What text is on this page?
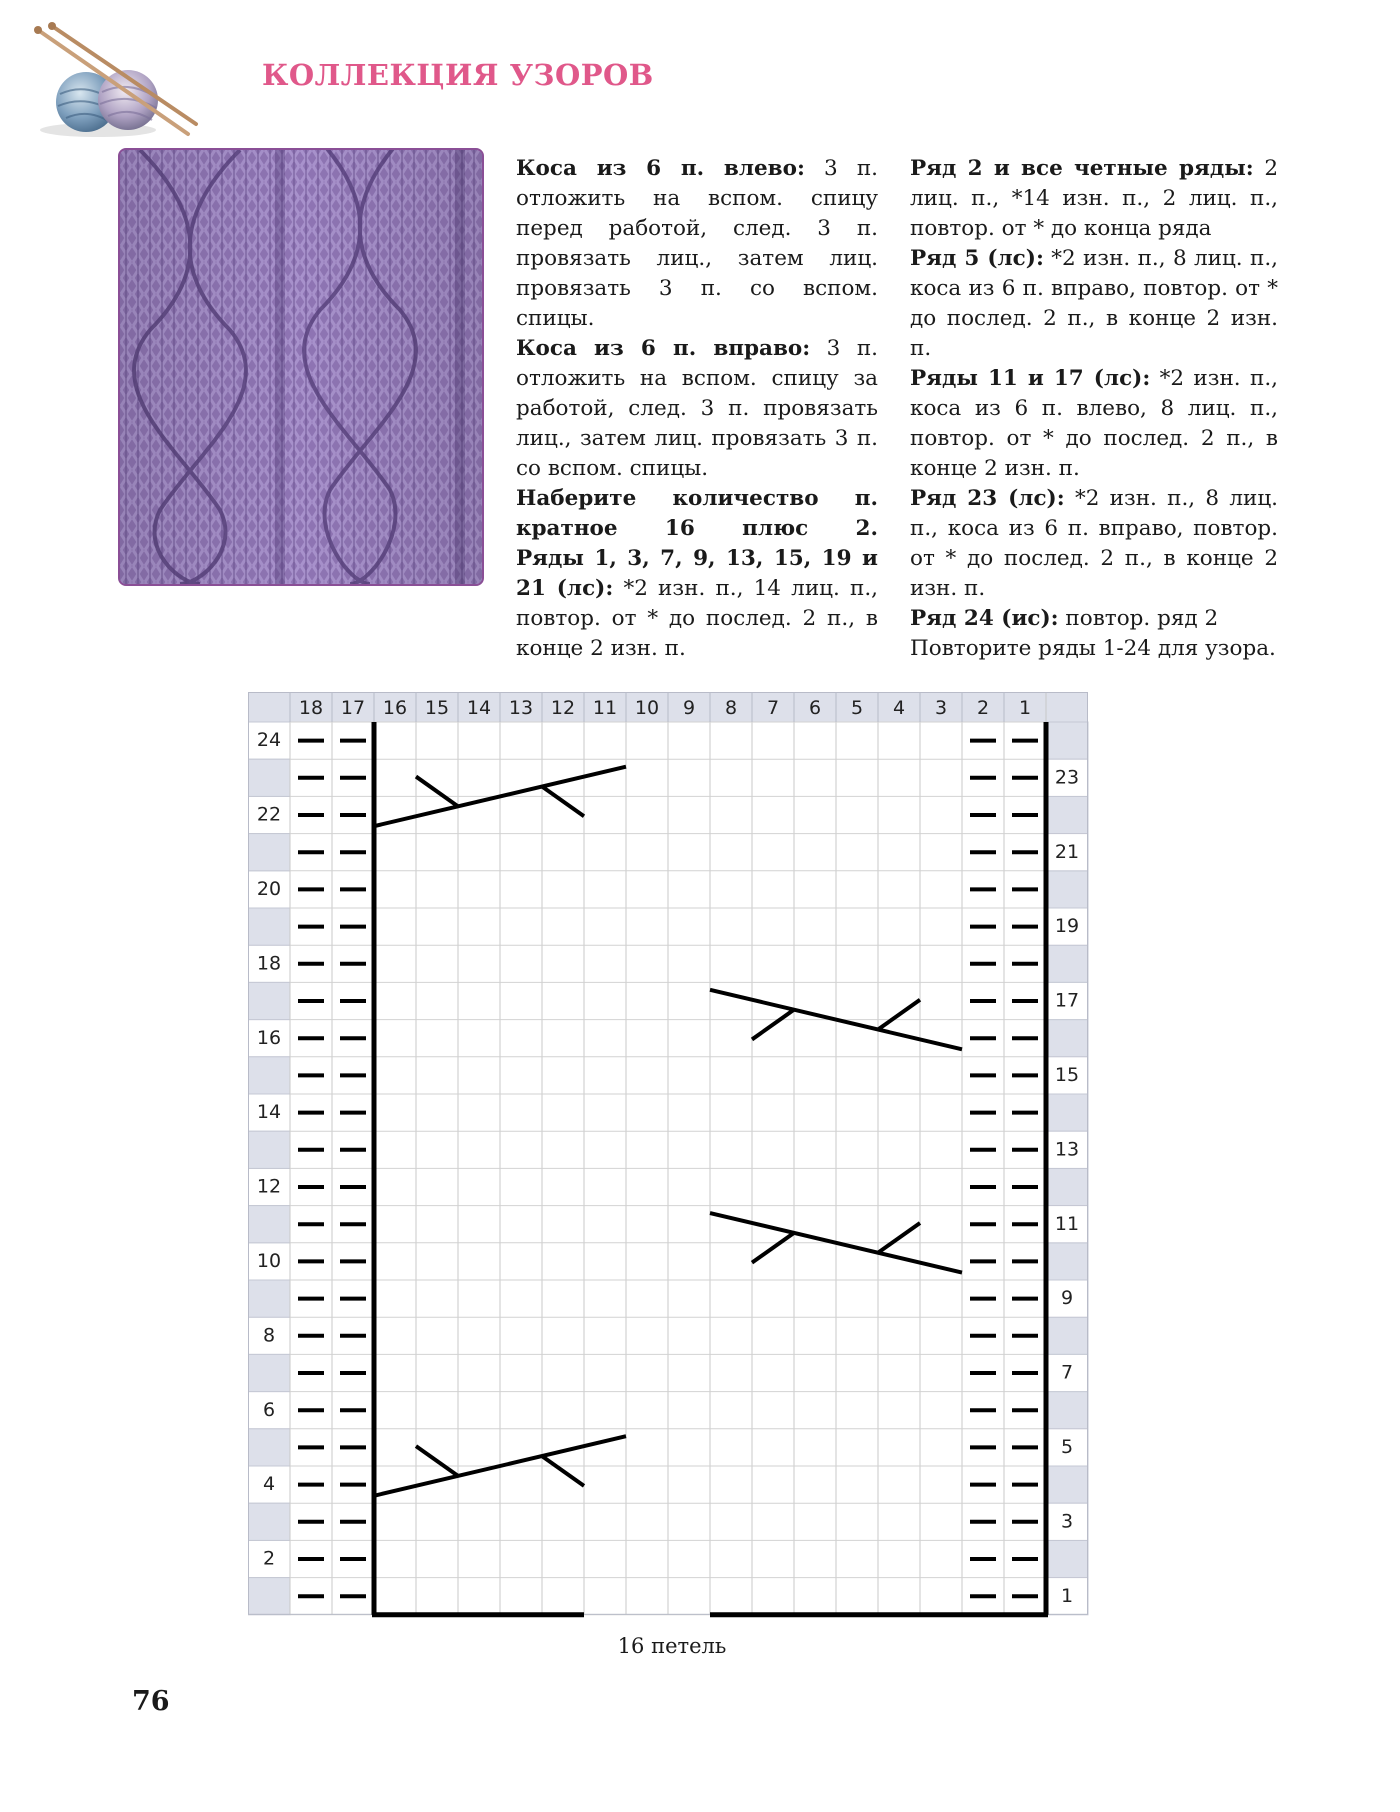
КОЛЛЕКЦИЯ УЗОРОВ

Коса из 6 п. влево: 3 п. отложить на вспом. спицу перед работой, след. 3 п. провязать лиц., затем лиц. провязать 3 п. со вспом. спицы.

Коса из 6 п. вправо: 3 п. отложить на вспом. спицу за работой, след. 3 п. провязать лиц., затем лиц. провязать 3 п. со вспом. спицы.

Наберите количество п. кратное 16 плюс 2.

Ряды 1, 3, 7, 9, 13, 15, 19 и 21 (лс): *2 изн. п., 14 лиц. п., повтор. от * до послед. 2 п., в конце 2 изн. п.

Ряд 2 и все четные ряды: 2 лиц. п., *14 изн. п., 2 лиц. п., повтор. от * до конца ряда

Ряд 5 (лс): *2 изн. п., 8 лиц. п., коса из 6 п. вправо, повтор. от * до послед. 2 п., в конце 2 изн. п.

Ряды 11 и 17 (лс): *2 изн. п., коса из 6 п. влево, 8 лиц. п., повтор. от * до послед. 2 п., в конце 2 изн. п.

Ряд 23 (лс): *2 изн. п., 8 лиц. п., коса из 6 п. вправо, повтор. от * до послед. 2 п., в конце 2 изн. п.

Ряд 24 (ис): повтор. ряд 2

Повторите ряды 1-24 для узора.

24
22
20
18
16
14
12
10
8
6
4
2
23
21
19
17
15
13
11
9
7
5
3
1
18 17 16 15 14 13 12 11 10 9 8 7 6 5 4 3 2 1
16 петель
76
